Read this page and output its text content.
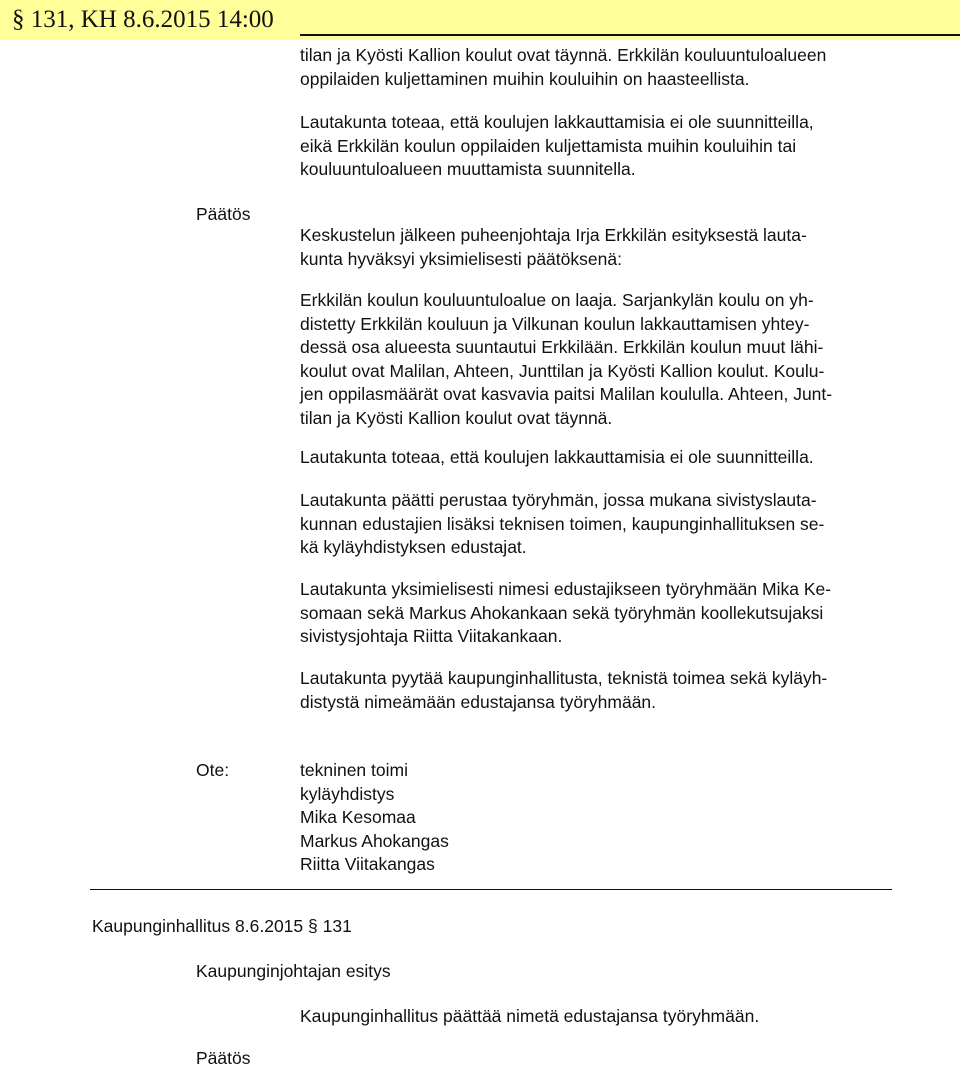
§ 131, KH 8.6.2015 14:00

tilan ja Kyösti Kallion koulut ovat täynnä. Erkkilän kouluuntuloalueen
oppilaiden kuljettaminen muihin kouluihin on haasteellista.

Lautakunta toteaa, että koulujen lakkauttamisia ei ole suunnitteilla,
eikä Erkkilän koulun oppilaiden kuljettamista muihin kouluihin tai
kouluuntuloalueen muuttamista suunnitella.

Päätös

Keskustelun jälkeen puheenjohtaja Irja Erkkilän esityksestä lauta-
kunta hyväksyi yksimielisesti päätöksenä:

Erkkilän koulun kouluuntuloalue on laaja. Sarjankylän koulu on yh-
distetty Erkkilän kouluun ja Vilkunan koulun lakkauttamisen yhtey-
dessä osa alueesta suuntautui Erkkilään. Erkkilän koulun muut lähi-
koulut ovat Malilan, Ahteen, Junttilan ja Kyösti Kallion koulut. Koulu-
jen oppilasmäärät ovat kasvavia paitsi Malilan koululla. Ahteen, Junt-
tilan ja Kyösti Kallion koulut ovat täynnä.

Lautakunta toteaa, että koulujen lakkauttamisia ei ole suunnitteilla.

Lautakunta päätti perustaa työryhmän, jossa mukana sivistyslauta-
kunnan edustajien lisäksi teknisen toimen, kaupunginhallituksen se-
kä kyläyhdistyksen edustajat.

Lautakunta yksimielisesti nimesi edustajikseen työryhmään Mika Ke-
somaan sekä Markus Ahokankaan sekä työryhmän koollekutsujaksi
sivistysjohtaja Riitta Viitakankaan.

Lautakunta pyytää kaupunginhallitusta, teknistä toimea sekä kyläyh-
distystä nimeämään edustajansa työryhmään.

Ote:	tekninen toimi
kyläyhdistys
Mika Kesomaa
Markus Ahokangas
Riitta Viitakangas

Kaupunginhallitus 8.6.2015 § 131
Kaupunginjohtajan esitys

Kaupunginhallitus päättää nimetä edustajansa työryhmään.

Päätös
